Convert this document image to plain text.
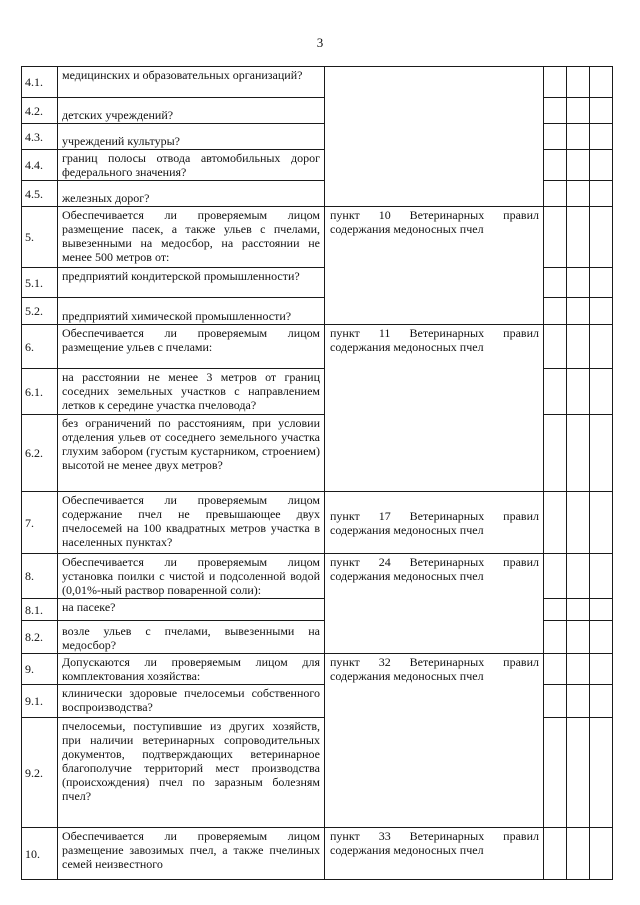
3
4.1.	медицинских и образовательных организаций?				
4.2.	детских учреждений?				
4.3.	учреждений культуры?				
4.4.	границ полосы отвода автомобильных дорог федерального значения?				
4.5.	железных дорог?				
5.	Обеспечивается ли проверяемым лицом размещение пасек, а также ульев с пчелами, вывезенными на медосбор, на расстоянии не менее 500 метров от:	пункт 10 Ветеринарных правил содержания медоносных пчел			
5.1.	предприятий кондитерской промышленности?				
5.2.	предприятий химической промышленности?				
6.	Обеспечивается ли проверяемым лицом размещение ульев с пчелами:	пункт 11 Ветеринарных правил содержания медоносных пчел			
6.1.	на расстоянии не менее 3 метров от границ соседних земельных участков с направлением летков к середине участка пчеловода?				
6.2.	без ограничений по расстояниям, при условии отделения ульев от соседнего земельного участка глухим забором (густым кустарником, строением) высотой не менее двух метров?				
7.	Обеспечивается ли проверяемым лицом содержание пчел не превышающее двух пчелосемей на 100 квадратных метров участка в населенных пунктах?	пункт 17 Ветеринарных правил содержания медоносных пчел			
8.	Обеспечивается ли проверяемым лицом установка поилки с чистой и подсоленной водой (0,01%-ный раствор поваренной соли):	пункт 24 Ветеринарных правил содержания медоносных пчел			
8.1.	на пасеке?				
8.2.	возле ульев с пчелами, вывезенными на медосбор?				
9.	Допускаются ли проверяемым лицом для комплектования хозяйства:	пункт 32 Ветеринарных правил содержания медоносных пчел			
9.1.	клинически здоровые пчелосемьи собственного воспроизводства?				
9.2.	пчелосемьи, поступившие из других хозяйств, при наличии ветеринарных сопроводительных документов, подтверждающих ветеринарное благополучие территорий мест производства (происхождения) пчел по заразным болезням пчел?				
10.	Обеспечивается ли проверяемым лицом размещение завозимых пчел, а также пчелиных семей неизвестного	пункт 33 Ветеринарных правил содержания медоносных пчел			
